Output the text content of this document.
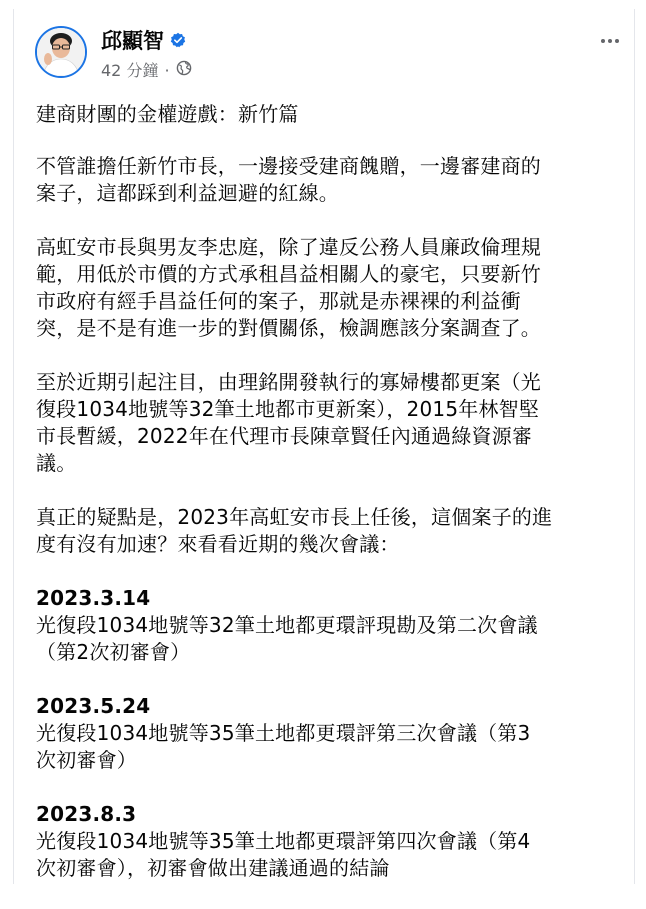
邱顯智
42 分鐘 ·

建商財團的金權遊戲：新竹篇

不管誰擔任新竹市長，一邊接受建商餽贈，一邊審建商的
案子，這都踩到利益迴避的紅線。

高虹安市長與男友李忠庭，除了違反公務人員廉政倫理規
範，用低於市價的方式承租昌益相關人的豪宅，只要新竹
市政府有經手昌益任何的案子，那就是赤裸裸的利益衝
突，是不是有進一步的對價關係，檢調應該分案調查了。

至於近期引起注目，由理銘開發執行的寡婦樓都更案（光
復段1034地號等32筆土地都市更新案），2015年林智堅
市長暫緩，2022年在代理市長陳章賢任內通過綠資源審
議。

真正的疑點是，2023年高虹安市長上任後，這個案子的進
度有沒有加速？來看看近期的幾次會議：

2023.3.14
光復段1034地號等32筆土地都更環評現勘及第二次會議
（第2次初審會）
2023.5.24
光復段1034地號等35筆土地都更環評第三次會議（第3
次初審會）
2023.8.3
光復段1034地號等35筆土地都更環評第四次會議（第4
次初審會），初審會做出建議通過的結論
